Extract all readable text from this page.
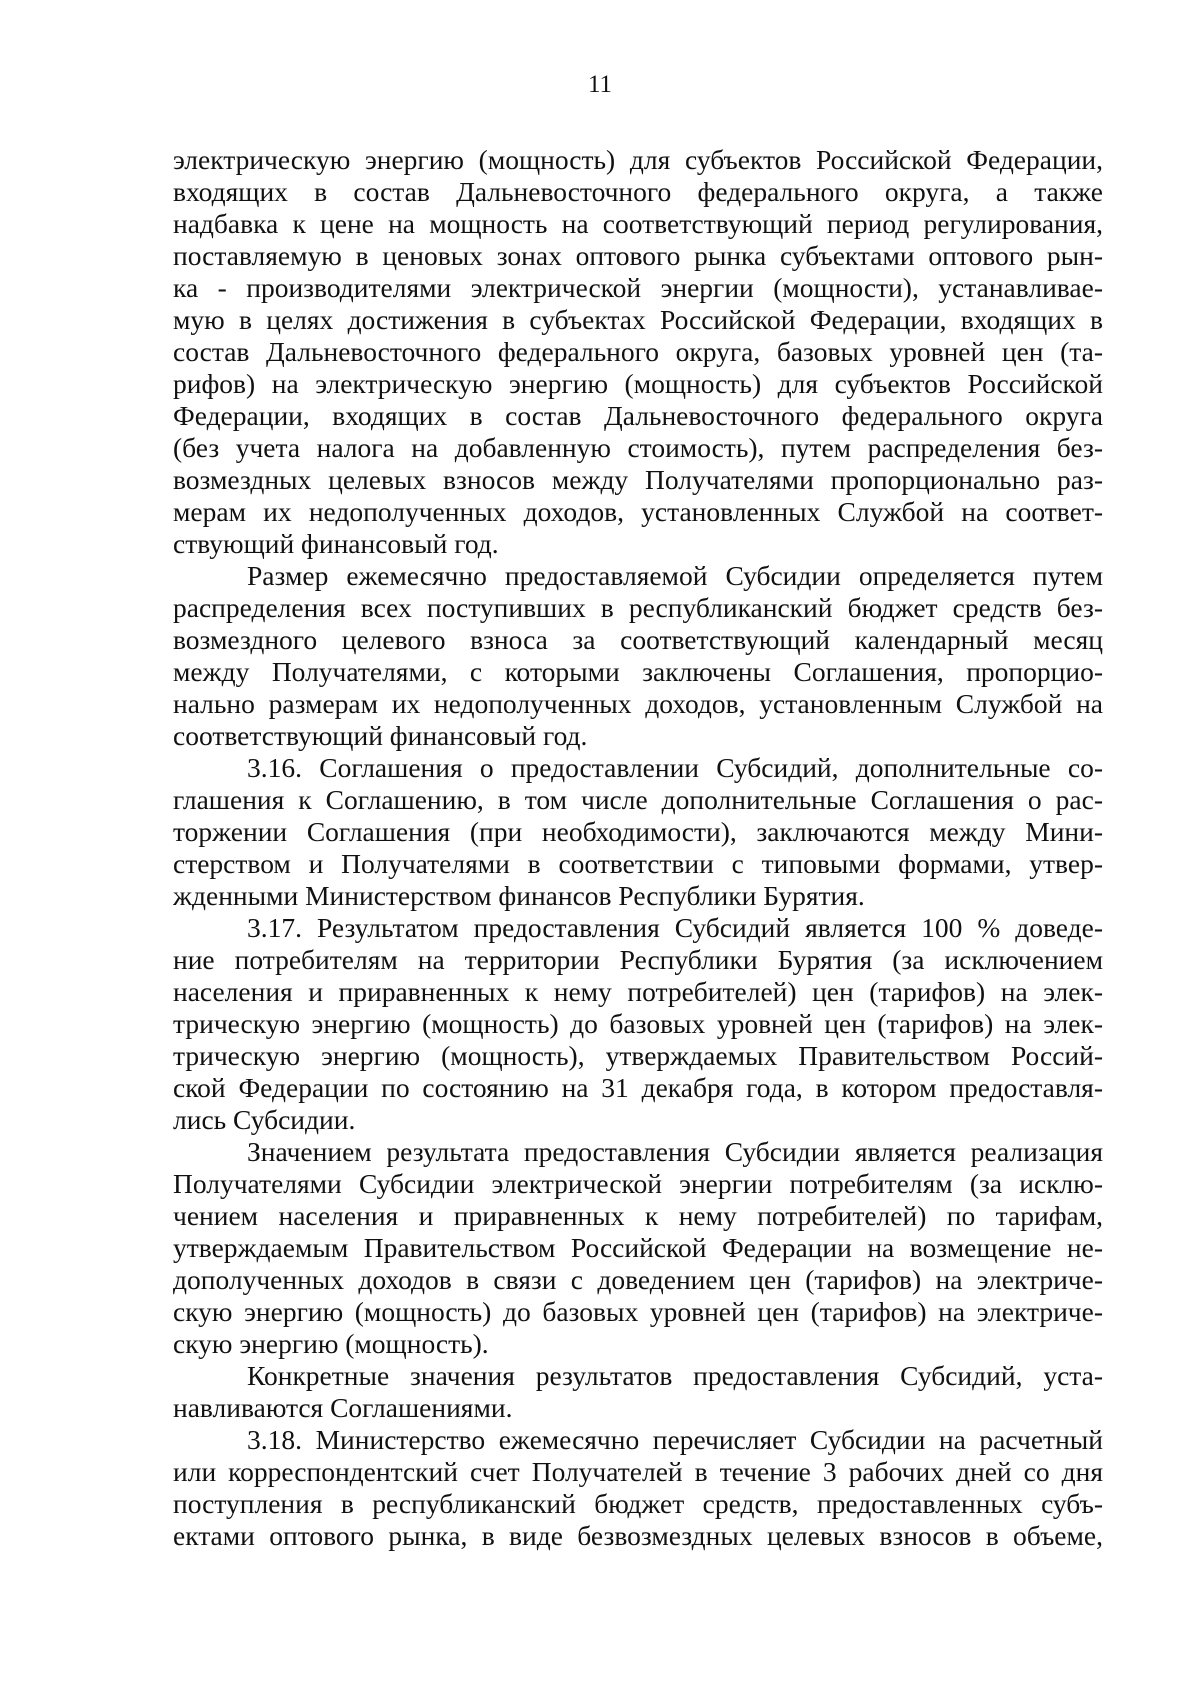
11
электрическую энергию (мощность) для субъектов Российской Федерации,
входящих в состав Дальневосточного федерального округа, а также
надбавка к цене на мощность на соответствующий период регулирования,
поставляемую в ценовых зонах оптового рынка субъектами оптового рын-
ка - производителями электрической энергии (мощности), устанавливае-
мую в целях достижения в субъектах Российской Федерации, входящих в
состав Дальневосточного федерального округа, базовых уровней цен (та-
рифов) на электрическую энергию (мощность) для субъектов Российской
Федерации, входящих в состав Дальневосточного федерального округа
(без учета налога на добавленную стоимость), путем распределения без-
возмездных целевых взносов между Получателями пропорционально раз-
мерам их недополученных доходов, установленных Службой на соответ-
ствующий финансовый год.
Размер ежемесячно предоставляемой Субсидии определяется путем
распределения всех поступивших в республиканский бюджет средств без-
возмездного целевого взноса за соответствующий календарный месяц
между Получателями, с которыми заключены Соглашения, пропорцио-
нально размерам их недополученных доходов, установленным Службой на
соответствующий финансовый год.
3.16. Соглашения о предоставлении Субсидий, дополнительные со-
глашения к Соглашению, в том числе дополнительные Соглашения о рас-
торжении Соглашения (при необходимости), заключаются между Мини-
стерством и Получателями в соответствии с типовыми формами, утвер-
жденными Министерством финансов Республики Бурятия.
3.17. Результатом предоставления Субсидий является 100 % доведе-
ние потребителям на территории Республики Бурятия (за исключением
населения и приравненных к нему потребителей) цен (тарифов) на элек-
трическую энергию (мощность) до базовых уровней цен (тарифов) на элек-
трическую энергию (мощность), утверждаемых Правительством Россий-
ской Федерации по состоянию на 31 декабря года, в котором предоставля-
лись Субсидии.
Значением результата предоставления Субсидии является реализация
Получателями Субсидии электрической энергии потребителям (за исклю-
чением населения и приравненных к нему потребителей) по тарифам,
утверждаемым Правительством Российской Федерации на возмещение не-
дополученных доходов в связи с доведением цен (тарифов) на электриче-
скую энергию (мощность) до базовых уровней цен (тарифов) на электриче-
скую энергию (мощность).
Конкретные значения результатов предоставления Субсидий, уста-
навливаются Соглашениями.
3.18. Министерство ежемесячно перечисляет Субсидии на расчетный
или корреспондентский счет Получателей в течение 3 рабочих дней со дня
поступления в республиканский бюджет средств, предоставленных субъ-
ектами оптового рынка, в виде безвозмездных целевых взносов в объеме,
